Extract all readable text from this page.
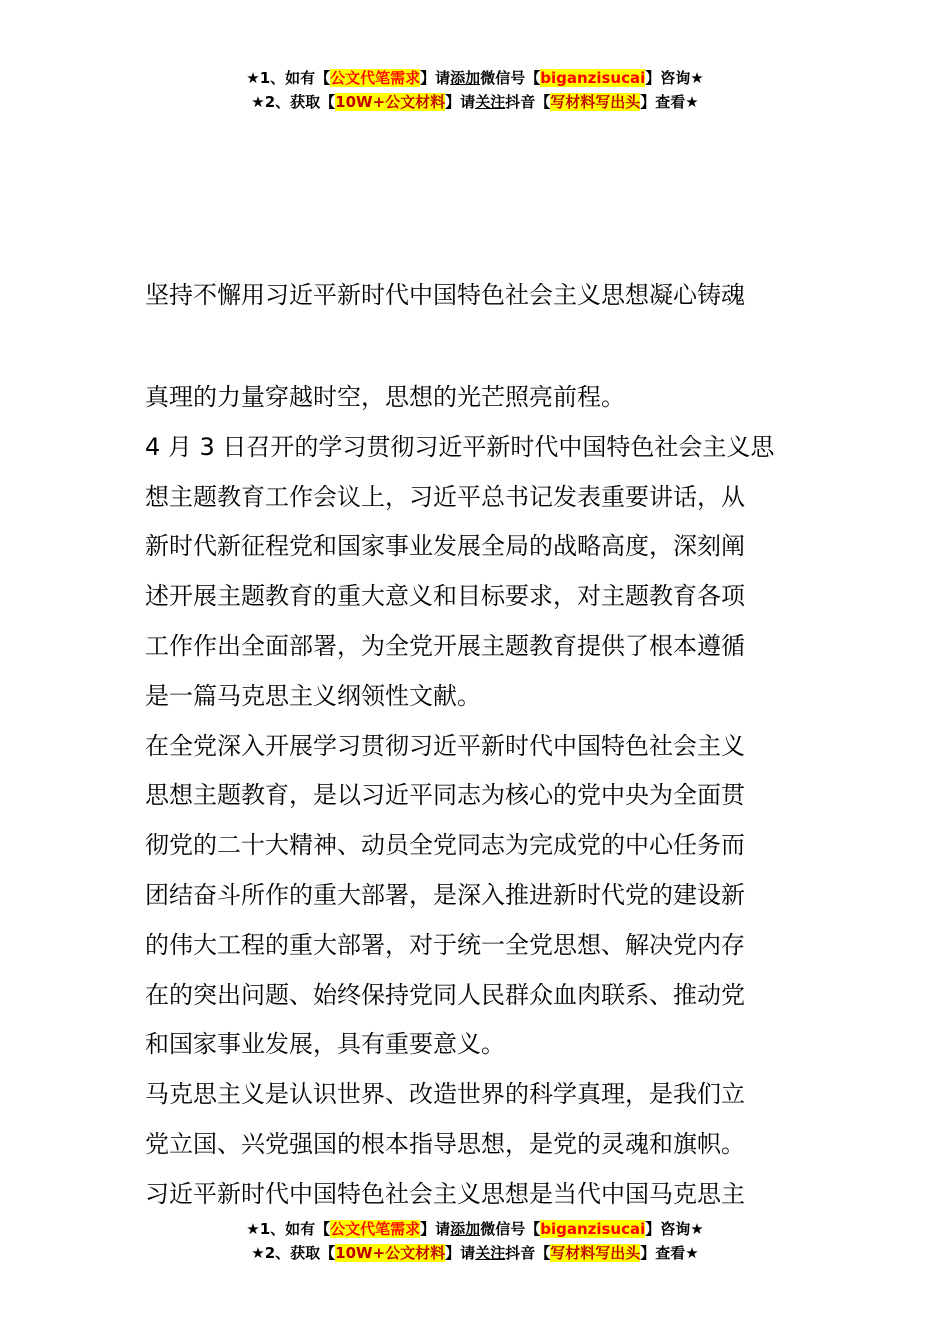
★1、如有【公文代笔需求】请添加微信号【biganzisucai】咨询★
★2、获取【10W+公文材料】请关注抖音【写材料写出头】查看★
坚持不懈用习近平新时代中国特色社会主义思想凝心铸魂
真理的力量穿越时空，思想的光芒照亮前程。
4 月 3 日召开的学习贯彻习近平新时代中国特色社会主义思
想主题教育工作会议上，习近平总书记发表重要讲话，从
新时代新征程党和国家事业发展全局的战略高度，深刻阐
述开展主题教育的重大意义和目标要求，对主题教育各项
工作作出全面部署，为全党开展主题教育提供了根本遵循
是一篇马克思主义纲领性文献。
在全党深入开展学习贯彻习近平新时代中国特色社会主义
思想主题教育，是以习近平同志为核心的党中央为全面贯
彻党的二十大精神、动员全党同志为完成党的中心任务而
团结奋斗所作的重大部署，是深入推进新时代党的建设新
的伟大工程的重大部署，对于统一全党思想、解决党内存
在的突出问题、始终保持党同人民群众血肉联系、推动党
和国家事业发展，具有重要意义。
马克思主义是认识世界、改造世界的科学真理，是我们立
党立国、兴党强国的根本指导思想，是党的灵魂和旗帜。
习近平新时代中国特色社会主义思想是当代中国马克思主
★1、如有【公文代笔需求】请添加微信号【biganzisucai】咨询★
★2、获取【10W+公文材料】请关注抖音【写材料写出头】查看★
